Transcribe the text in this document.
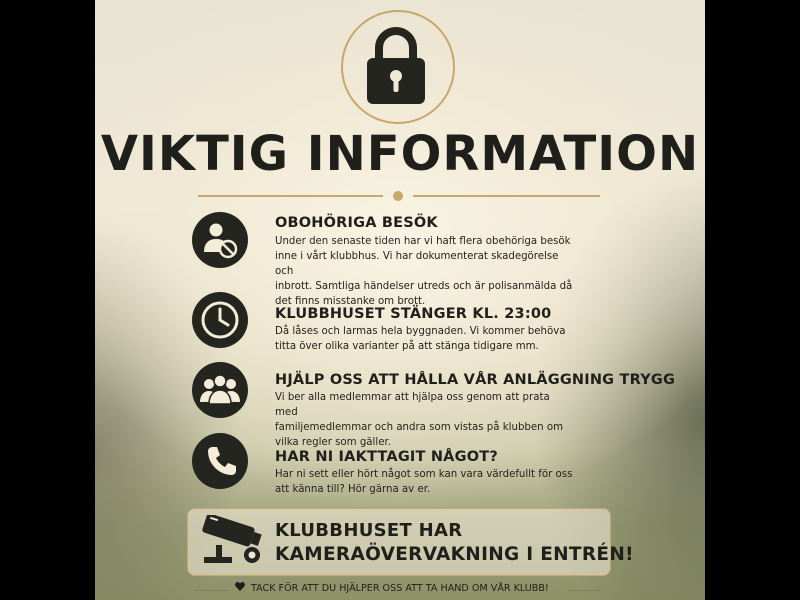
VIKTIG INFORMATION
OBOHÖRIGA BESÖK
Under den senaste tiden har vi haft flera obehöriga besök
inne i vårt klubbhus. Vi har dokumenterat skadegörelse och
inbrott. Samtliga händelser utreds och är polisanmälda då
det finns misstanke om brott.
KLUBBHUSET STÄNGER KL. 23:00
Då låses och larmas hela byggnaden. Vi kommer behöva
titta över olika varianter på att stänga tidigare mm.
HJÄLP OSS ATT HÅLLA VÅR ANLÄGGNING TRYGG
Vi ber alla medlemmar att hjälpa oss genom att prata med
familjemedlemmar och andra som vistas på klubben om
vilka regler som gäller.
HAR NI IAKTTAGIT NÅGOT?
Har ni sett eller hört något som kan vara värdefullt för oss
att känna till? Hör gärna av er.
KLUBBHUSET HAR
KAMERAÖVERVAKNING I ENTRÉN!
TACK FÖR ATT DU HJÄLPER OSS ATT TA HAND OM VÅR KLUBB!
